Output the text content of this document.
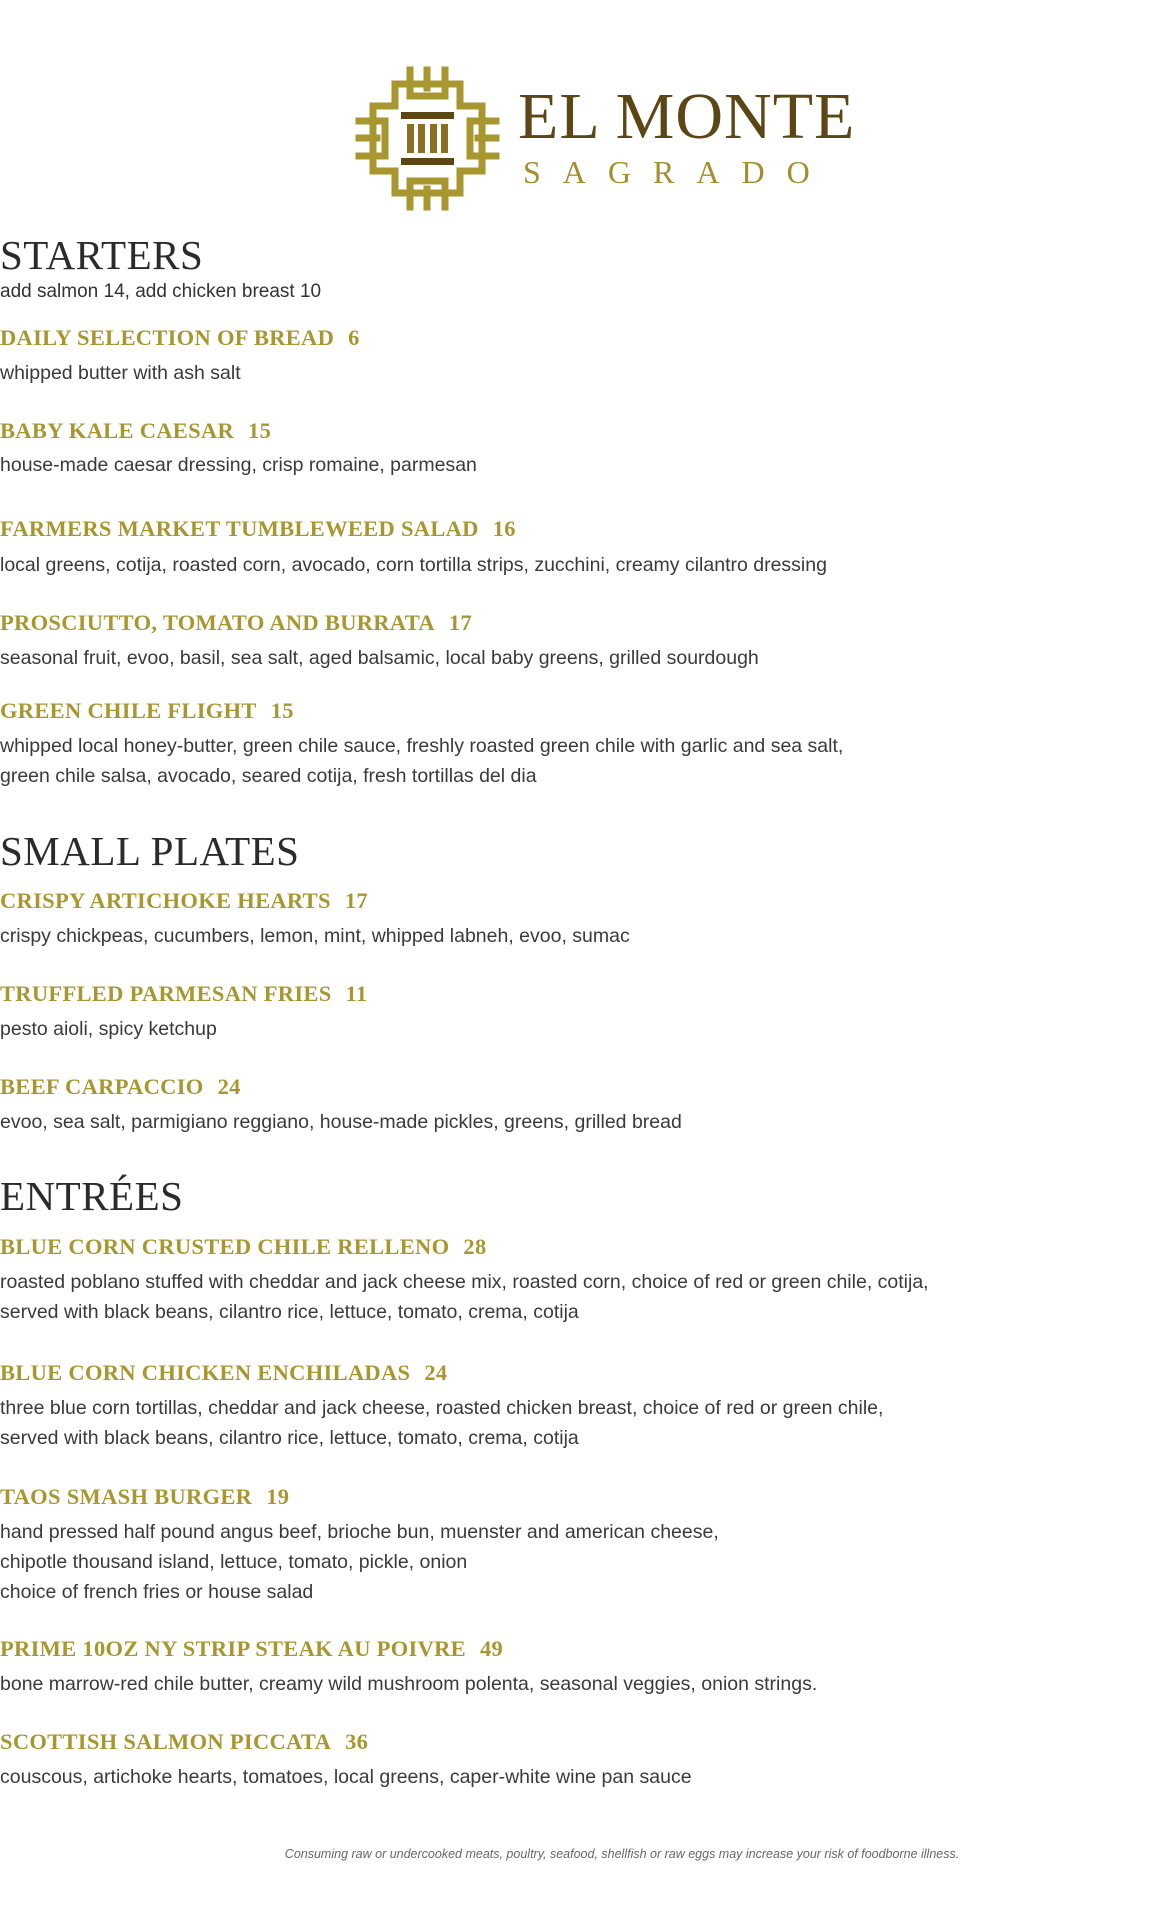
EL MONTE
SAGRADO
STARTERS
add salmon 14, add chicken breast 10
DAILY SELECTION OF BREAD 6
whipped butter with ash salt
BABY KALE CAESAR 15
house-made caesar dressing, crisp romaine, parmesan
FARMERS MARKET TUMBLEWEED SALAD 16
local greens, cotija, roasted corn, avocado, corn tortilla strips, zucchini, creamy cilantro dressing
PROSCIUTTO, TOMATO AND BURRATA 17
seasonal fruit, evoo, basil, sea salt, aged balsamic, local baby greens, grilled sourdough
GREEN CHILE FLIGHT 15
whipped local honey-butter, green chile sauce, freshly roasted green chile with garlic and sea salt,
green chile salsa, avocado, seared cotija, fresh tortillas del dia
SMALL PLATES
CRISPY ARTICHOKE HEARTS 17
crispy chickpeas, cucumbers, lemon, mint, whipped labneh, evoo, sumac
TRUFFLED PARMESAN FRIES 11
pesto aioli, spicy ketchup
BEEF CARPACCIO 24
evoo, sea salt, parmigiano reggiano, house-made pickles, greens, grilled bread
ENTRÉES
BLUE CORN CRUSTED CHILE RELLENO 28
roasted poblano stuffed with cheddar and jack cheese mix, roasted corn, choice of red or green chile, cotija,
served with black beans, cilantro rice, lettuce, tomato, crema, cotija
BLUE CORN CHICKEN ENCHILADAS 24
three blue corn tortillas, cheddar and jack cheese, roasted chicken breast, choice of red or green chile,
served with black beans, cilantro rice, lettuce, tomato, crema, cotija
TAOS SMASH BURGER 19
hand pressed half pound angus beef, brioche bun, muenster and american cheese,
chipotle thousand island, lettuce, tomato, pickle, onion
choice of french fries or house salad
PRIME 10OZ NY STRIP STEAK AU POIVRE 49
bone marrow-red chile butter, creamy wild mushroom polenta, seasonal veggies, onion strings.
SCOTTISH SALMON PICCATA 36
couscous, artichoke hearts, tomatoes, local greens, caper-white wine pan sauce
Consuming raw or undercooked meats, poultry, seafood, shellfish or raw eggs may increase your risk of foodborne illness.
